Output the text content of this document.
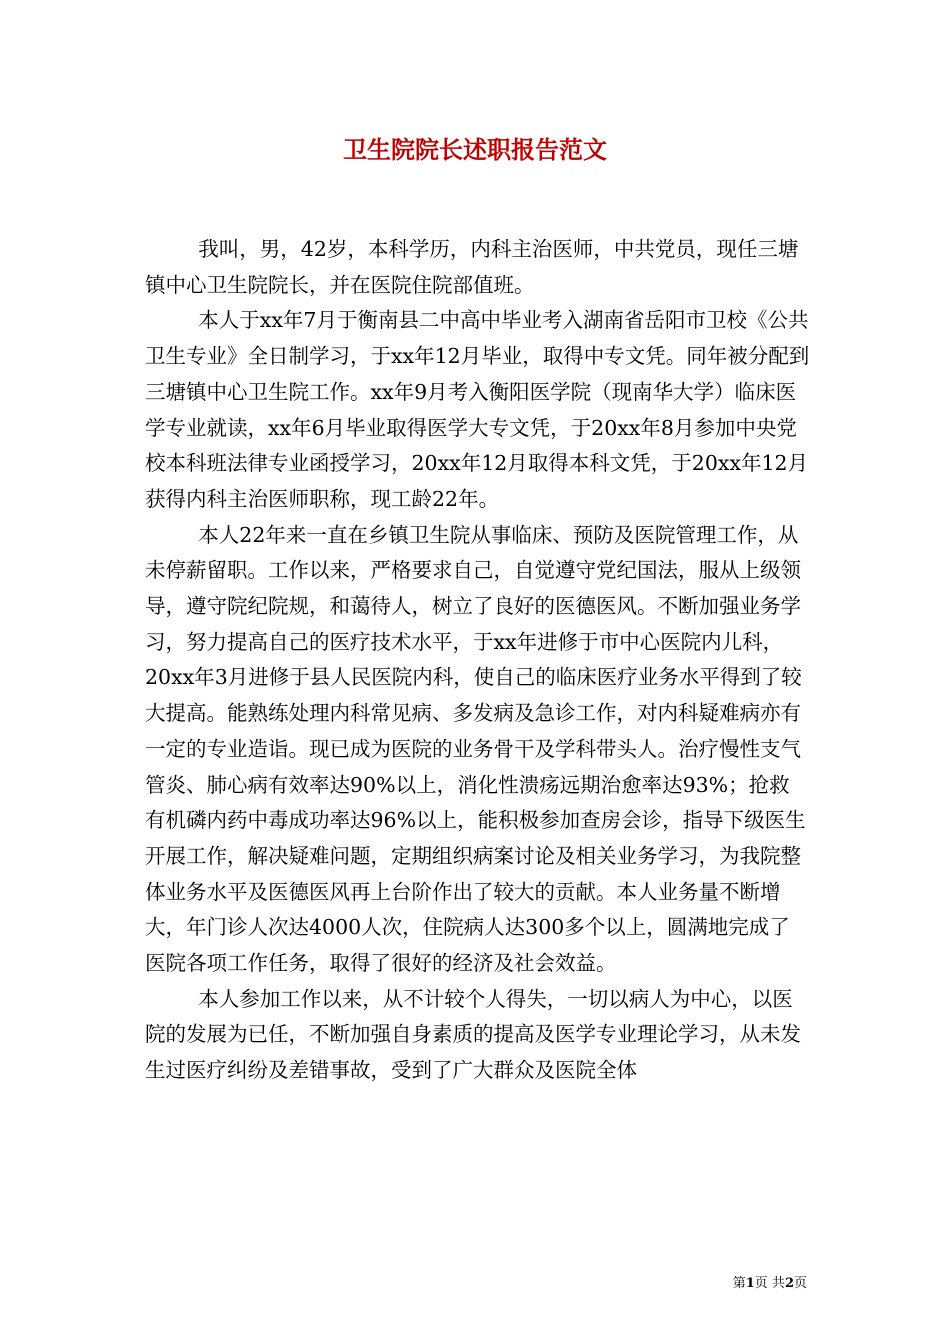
卫生院院长述职报告范文

我叫，男，42岁，本科学历，内科主治医师，中共党员，现任三塘镇中心卫生院院长，并在医院住院部值班。

本人于xx年7月于衡南县二中高中毕业考入湖南省岳阳市卫校《公共卫生专业》全日制学习，于xx年12月毕业，取得中专文凭。同年被分配到三塘镇中心卫生院工作。xx年9月考入衡阳医学院（现南华大学）临床医学专业就读，xx年6月毕业取得医学大专文凭，于20xx年8月参加中央党校本科班法律专业函授学习，20xx年12月取得本科文凭，于20xx年12月获得内科主治医师职称，现工龄22年。

本人22年来一直在乡镇卫生院从事临床、预防及医院管理工作，从未停薪留职。工作以来，严格要求自己，自觉遵守党纪国法，服从上级领导，遵守院纪院规，和蔼待人，树立了良好的医德医风。不断加强业务学习，努力提高自己的医疗技术水平，于xx年进修于市中心医院内儿科，20xx年3月进修于县人民医院内科，使自己的临床医疗业务水平得到了较大提高。能熟练处理内科常见病、多发病及急诊工作，对内科疑难病亦有一定的专业造诣。现已成为医院的业务骨干及学科带头人。治疗慢性支气管炎、肺心病有效率达90%以上，消化性溃疡远期治愈率达93%；抢救有机磷内药中毒成功率达96%以上，能积极参加查房会诊，指导下级医生开展工作，解决疑难问题，定期组织病案讨论及相关业务学习，为我院整体业务水平及医德医风再上台阶作出了较大的贡献。本人业务量不断增大，年门诊人次达4000人次，住院病人达300多个以上，圆满地完成了医院各项工作任务，取得了很好的经济及社会效益。

本人参加工作以来，从不计较个人得失，一切以病人为中心，以医院的发展为已任，不断加强自身素质的提高及医学专业理论学习，从未发生过医疗纠纷及差错事故，受到了广大群众及医院全体

第1页 共2页
